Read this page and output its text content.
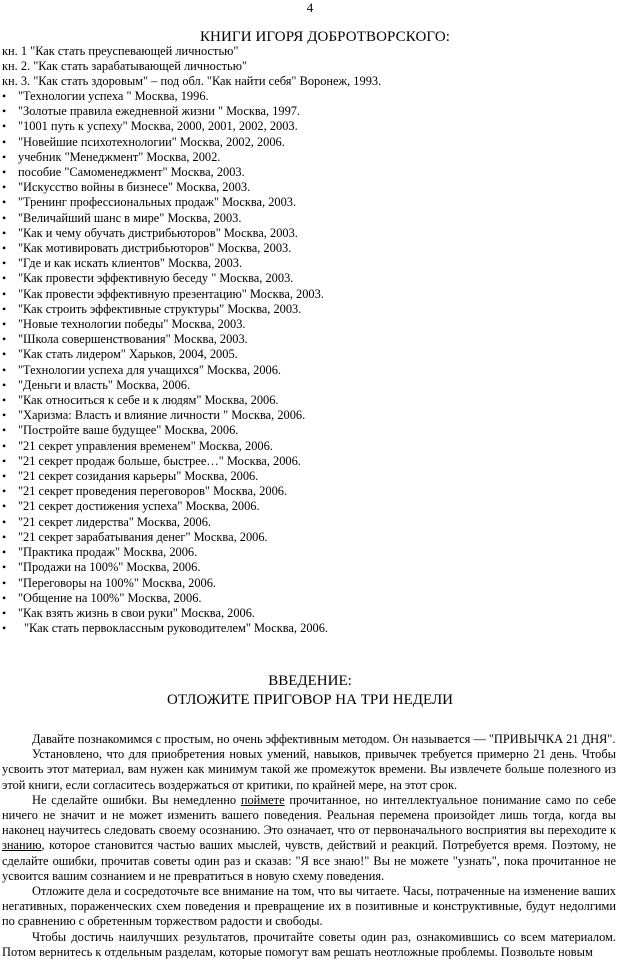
4
КНИГИ ИГОРЯ ДОБРОТВОРСКОГО:
кн. 1 "Как стать преуспевающей личностью"
кн. 2. "Как стать зарабатывающей личностью"
кн. 3. "Как стать здоровым" – под обл. "Как найти себя" Воронеж, 1993.
• "Технологии успеха " Москва, 1996.
• "Золотые правила ежедневной жизни " Москва, 1997.
• "1001 путь к успеху" Москва, 2000, 2001, 2002, 2003.
• "Новейшие психотехнологии" Москва, 2002, 2006.
• учебник "Менеджмент" Москва, 2002.
• пособие "Самоменеджмент" Москва, 2003.
• "Искусство войны в бизнесе" Москва, 2003.
• "Тренинг профессиональных продаж" Москва, 2003.
• "Величайший шанс в мире" Москва, 2003.
• "Как и чему обучать дистрибьюторов" Москва, 2003.
• "Как мотивировать дистрибьюторов" Москва, 2003.
• "Где и как искать клиентов" Москва, 2003.
• "Как провести эффективную беседу " Москва, 2003.
• "Как провести эффективную презентацию" Москва, 2003.
• "Как строить эффективные структуры" Москва, 2003.
• "Новые технологии победы" Москва, 2003.
• "Школа совершенствования" Москва, 2003.
• "Как стать лидером" Харьков, 2004, 2005.
• "Технологии успеха для учащихся" Москва, 2006.
• "Деньги и власть" Москва, 2006.
• "Как относиться к себе и к людям" Москва, 2006.
• "Харизма: Власть и влияние личности " Москва, 2006.
• "Постройте ваше будущее" Москва, 2006.
• "21 секрет управления временем" Москва, 2006.
• "21 секрет продаж больше, быстрее…" Москва, 2006.
• "21 секрет созидания карьеры" Москва, 2006.
• "21 секрет проведения переговоров" Москва, 2006.
• "21 секрет достижения успеха" Москва, 2006.
• "21 секрет лидерства" Москва, 2006.
• "21 секрет зарабатывания денег" Москва, 2006.
• "Практика продаж" Москва, 2006.
• "Продажи на 100%" Москва, 2006.
• "Переговоры на 100%" Москва, 2006.
• "Общение на 100%" Москва, 2006.
• "Как взять жизнь в свои руки" Москва, 2006.
• "Как стать первоклассным руководителем" Москва, 2006.
ВВЕДЕНИЕ:
ОТЛОЖИТЕ ПРИГОВОР НА ТРИ НЕДЕЛИ

Давайте познакомимся с простым, но очень эффективным методом. Он называется — "ПРИВЫЧКА 21 ДНЯ".

Установлено, что для приобретения новых умений, навыков, привычек требуется примерно 21 день. Чтобы усвоить этот материал, вам нужен как минимум такой же промежуток времени. Вы извлечете больше полезного из этой книги, если согласитесь воздержаться от критики, по крайней мере, на этот срок.

Не сделайте ошибки. Вы немедленно поймете прочитанное, но интеллектуальное понимание само по себе ничего не значит и не может изменить вашего поведения. Реальная перемена произойдет лишь тогда, когда вы наконец научитесь следовать своему осознанию. Это означает, что от первоначального восприятия вы переходите к знанию, которое становится частью ваших мыслей, чувств, действий и реакций. Потребуется время. Поэтому, не сделайте ошибки, прочитав советы один раз и сказав: "Я все знаю!" Вы не можете "узнать", пока прочитанное не усвоится вашим сознанием и не превратиться в новую схему поведения.

Отложите дела и сосредоточьте все внимание на том, что вы читаете. Часы, потраченные на изменение ваших негативных, пораженческих схем поведения и превращение их в позитивные и конструктивные, будут недолгими по сравнению с обретенным торжеством радости и свободы.

Чтобы достичь наилучших результатов, прочитайте советы один раз, ознакомившись со всем материалом. Потом вернитесь к отдельным разделам, которые помогут вам решать неотложные проблемы. Позвольте новым
